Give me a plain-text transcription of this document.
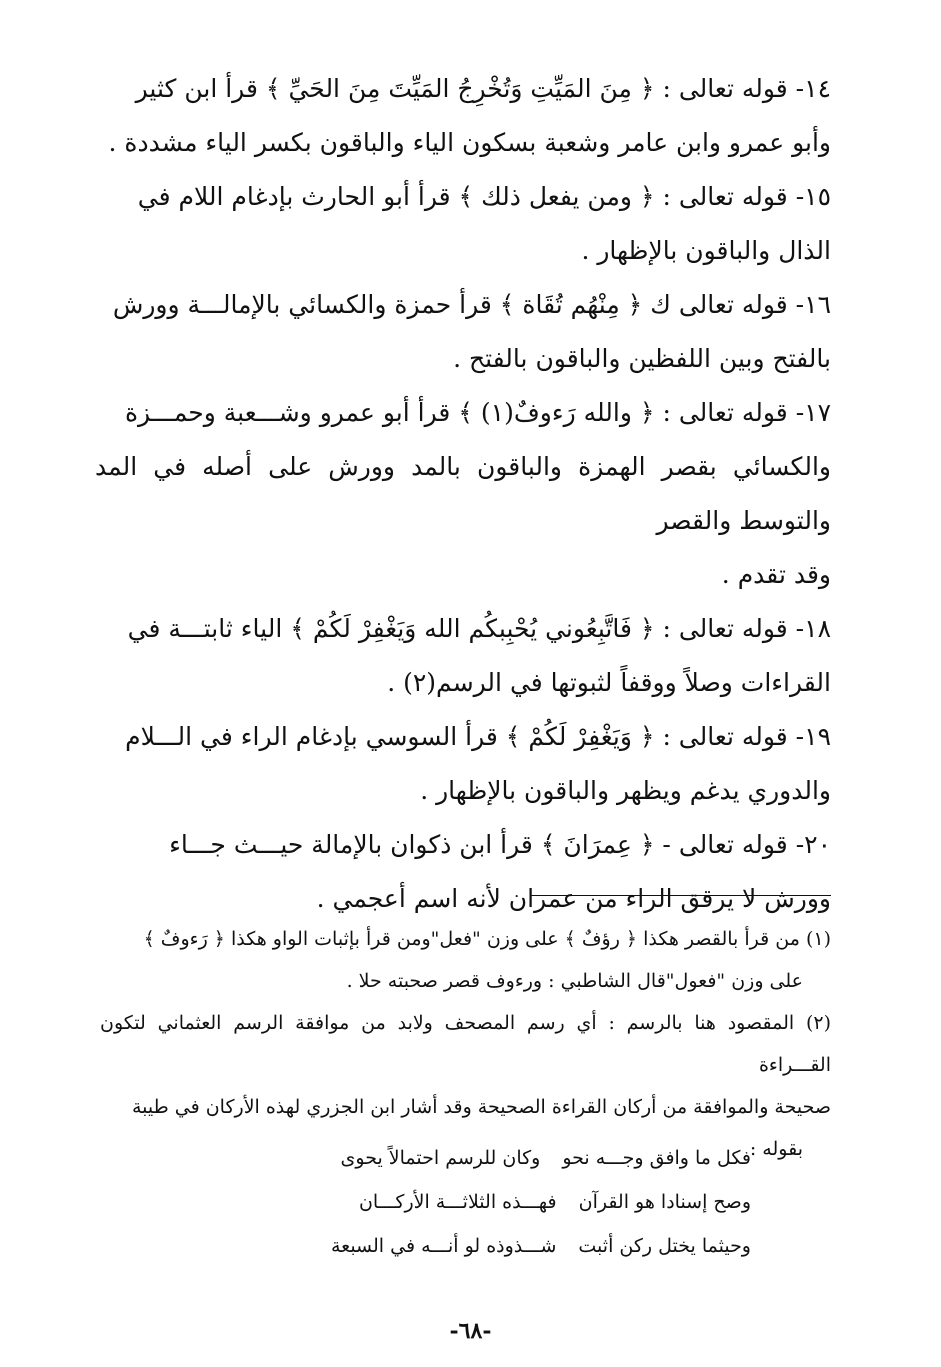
١٤- قوله تعالى : ﴿ مِنَ المَيِّتِ وَتُخْرِجُ المَيِّتَ مِنَ الحَيِّ ﴾ قرأ ابن كثير
وأبو عمرو وابن عامر وشعبة بسكون الياء والباقون بكسر الياء مشددة .

١٥- قوله تعالى : ﴿ ومن يفعل ذلك ﴾ قرأ أبو الحارث بإدغام اللام في
الذال والباقون بالإظهار .

١٦- قوله تعالى ك ﴿ مِنْهُم تُقَاة ﴾ قرأ حمزة والكسائي بالإمالـــة وورش
بالفتح وبين اللفظين والباقون بالفتح .

١٧- قوله تعالى : ﴿ والله رَءوفٌ(١) ﴾ قرأ أبو عمرو وشـــعبة وحمـــزة
والكسائي بقصر الهمزة والباقون بالمد وورش على أصله في المد والتوسط والقصر
وقد تقدم .

١٨- قوله تعالى : ﴿ فَاتَّبِعُوني يُحْبِبكُم الله وَيَغْفِرْ لَكُمْ ﴾ الياء ثابتـــة في
القراءات وصلاً ووقفاً لثبوتها في الرسم(٢) .

١٩- قوله تعالى : ﴿ وَيَغْفِرْ لَكُمْ ﴾ قرأ السوسي بإدغام الراء في الـــلام
والدوري يدغم ويظهر والباقون بالإظهار .

٢٠- قوله تعالى - ﴿ عِمرَانَ ﴾ قرأ ابن ذكوان بالإمالة حيـــث جـــاء
وورش لا يرقق الراء من عمران لأنه اسم أعجمي .

(١) من قرأ بالقصر هكذا ﴿ رؤفٌ ﴾ على وزن "فعل"ومن قرأ بإثبات الواو هكذا ﴿ رَءوفٌ ﴾
على وزن "فعول"قال الشاطبي : ورءوف قصر صحبته حلا .

(٢) المقصود هنا بالرسم : أي رسم المصحف ولابد من موافقة الرسم العثماني لتكون القـــراءة
صحيحة والموافقة من أركان القراءة الصحيحة وقد أشار ابن الجزري لهذه الأركان في طيبة
بقوله :

فكل ما وافق وجـــه نحو
وكان للرسم احتمالاً يحوى

وصح إسنادا هو القرآن
فهـــذه الثلاثـــة الأركـــان

وحيثما يختل ركن أثبت
شـــذوذه لو أنـــه في السبعة

-٦٨-
